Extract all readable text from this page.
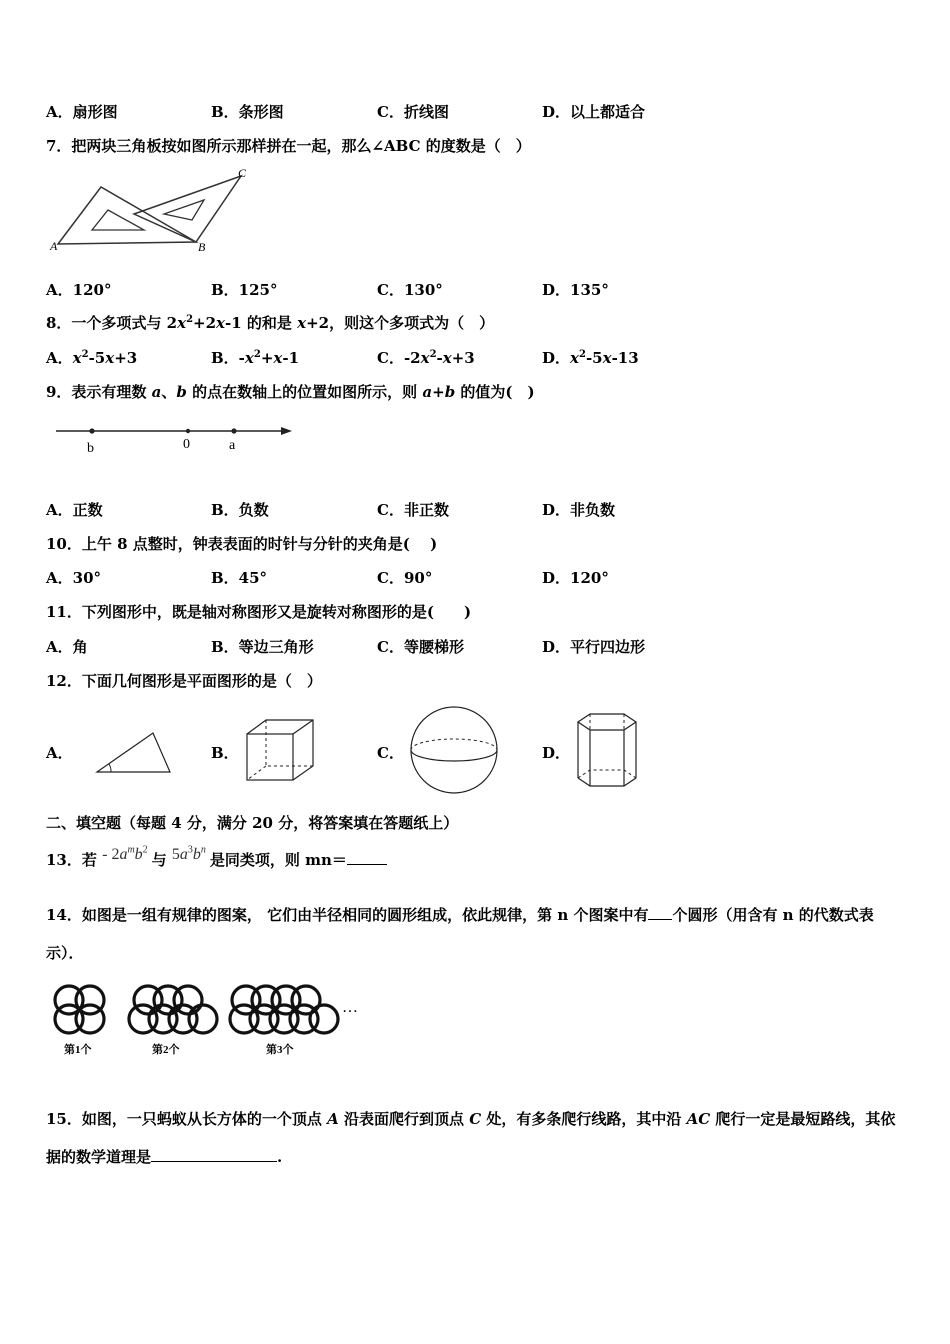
A．扇形图	B．条形图	C．折线图	D．以上都适合
7．把两块三角板按如图所示那样拼在一起，那么∠ABC 的度数是（　）
A	B
C
A．120°	B．125°	C．130°	D．135°
8．一个多项式与 $2x^2+2x-1$ 的和是 x+2，则这个多项式为（　）
A．$x^2-5x+3$	B．$-x^2+x-1$	C．$-2x^2-x+3$	D．$x^2-5x-13$
9．表示有理数 a、b 的点在数轴上的位置如图所示，则 a+b 的值为(　)
b	0	a
A．正数	B．负数	C．非正数	D．非负数
10．上午 8 点整时，钟表表面的时针与分针的夹角是(　 )
A．30°	B．45°	C．90°	D．120°
11．下列图形中，既是轴对称图形又是旋转对称图形的是(　　)
A．角	B．等边三角形	C．等腰梯形	D．平行四边形
12．下面几何图形是平面图形的是（　）
A．	B．	C．	D．
二、填空题（每题 4 分，满分 20 分，将答案填在答题纸上）
13．若 - $2a^mb^2$ 与 $5a^3b^n$ 是同类项，则 mn＝
14．如图是一组有规律的图案， 它们由半径相同的圆形组成，依此规律，第 n 个图案中有 个圆形（用含有 n 的代数式表示）．
…
第1个	第2个	第3个
15．如图，一只蚂蚁从长方体的一个顶点 A 沿表面爬行到顶点 C 处，有多条爬行线路，其中沿 AC 爬行一定是最短路线，其依据的数学道理是	.
